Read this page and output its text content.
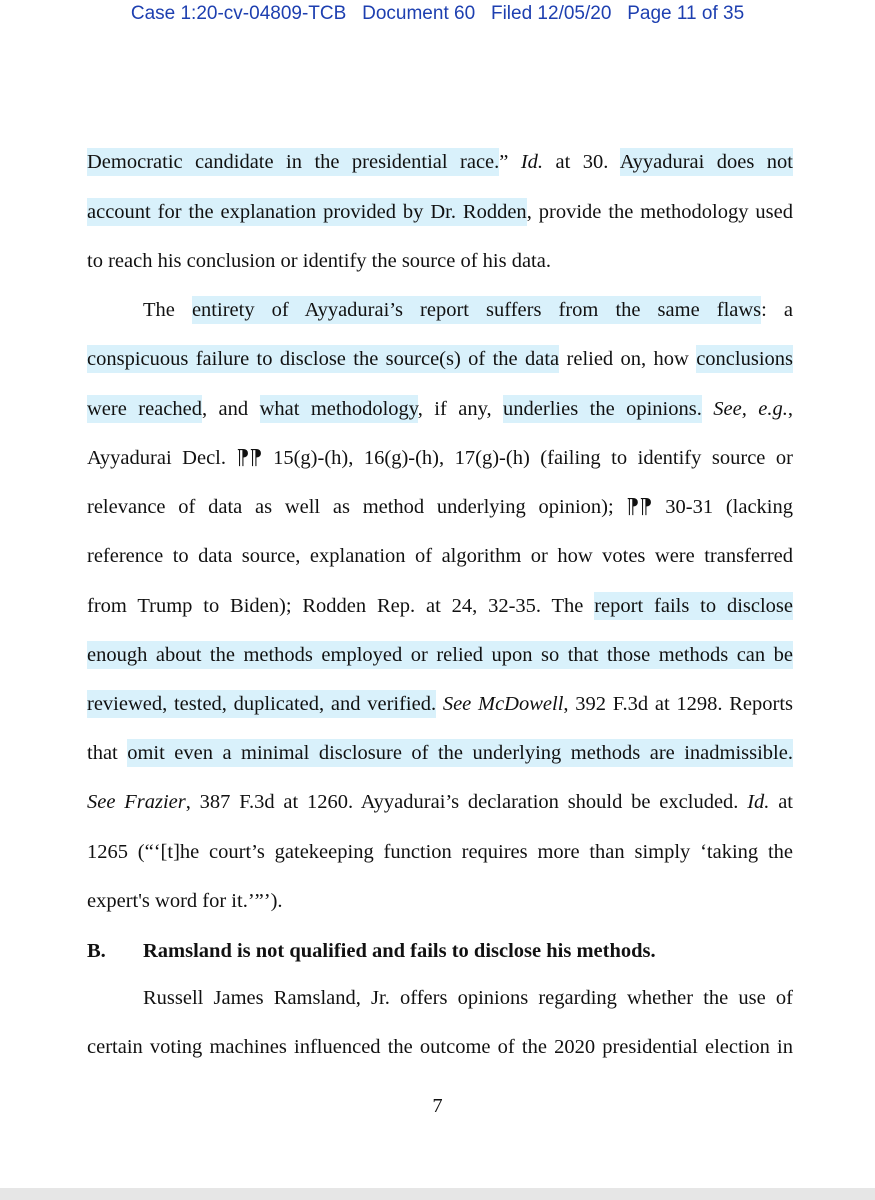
Case 1:20-cv-04809-TCB   Document 60   Filed 12/05/20   Page 11 of 35
Democratic candidate in the presidential race.” Id. at 30. Ayyadurai does not
account for the explanation provided by Dr. Rodden, provide the methodology used
to reach his conclusion or identify the source of his data.
The entirety of Ayyadurai’s report suffers from the same flaws: a
conspicuous failure to disclose the source(s) of the data relied on, how conclusions
were reached, and what methodology, if any, underlies the opinions. See, e.g.,
Ayyadurai Decl. ⁋⁋ 15(g)-(h), 16(g)-(h), 17(g)-(h) (failing to identify source or
relevance of data as well as method underlying opinion); ⁋⁋ 30-31 (lacking
reference to data source, explanation of algorithm or how votes were transferred
from Trump to Biden); Rodden Rep. at 24, 32-35. The report fails to disclose
enough about the methods employed or relied upon so that those methods can be
reviewed, tested, duplicated, and verified. See McDowell, 392 F.3d at 1298. Reports
that omit even a minimal disclosure of the underlying methods are inadmissible.
See Frazier, 387 F.3d at 1260. Ayyadurai’s declaration should be excluded. Id. at
1265 (“‘[t]he court’s gatekeeping function requires more than simply ‘taking the
expert's word for it.’”’).
B. Ramsland is not qualified and fails to disclose his methods.
Russell James Ramsland, Jr. offers opinions regarding whether the use of
certain voting machines influenced the outcome of the 2020 presidential election in
7
